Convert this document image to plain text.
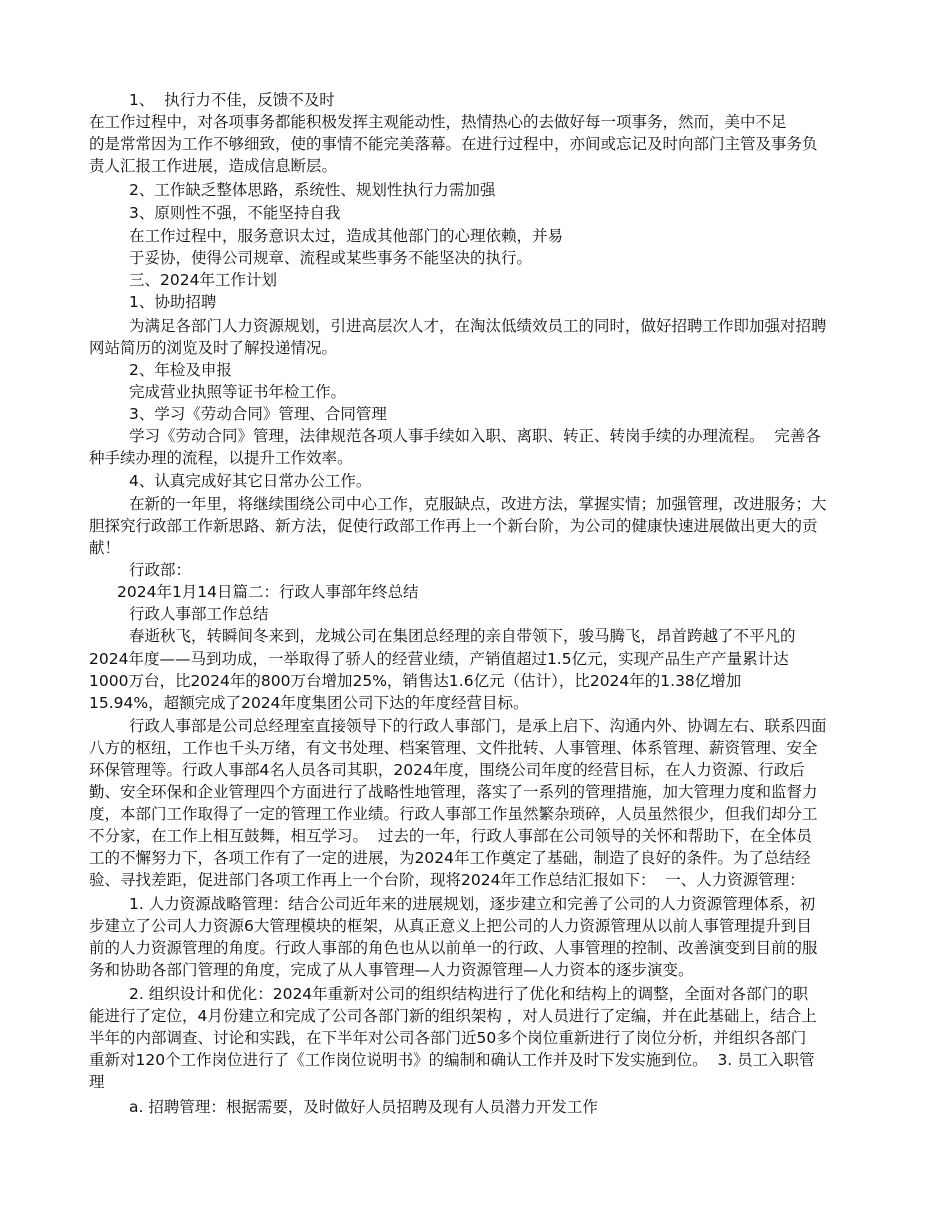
1、  执行力不佳，反馈不及时
在工作过程中，对各项事务都能积极发挥主观能动性，热情热心的去做好每一项事务，然而，美中不足
的是常常因为工作不够细致，使的事情不能完美落幕。在进行过程中，亦间或忘记及时向部门主管及事务负
责人汇报工作进展，造成信息断层。
2、工作缺乏整体思路，系统性、规划性执行力需加强
3、原则性不强，不能坚持自我
在工作过程中，服务意识太过，造成其他部门的心理依赖，并易
于妥协，使得公司规章、流程或某些事务不能坚决的执行。
三、2024年工作计划
1、协助招聘
为满足各部门人力资源规划，引进高层次人才，在淘汰低绩效员工的同时，做好招聘工作即加强对招聘
网站简历的浏览及时了解投递情况。
2、年检及申报
完成营业执照等证书年检工作。
3、学习《劳动合同》管理、合同管理
学习《劳动合同》管理，法律规范各项人事手续如入职、离职、转正、转岗手续的办理流程。  完善各
种手续办理的流程，以提升工作效率。
4、认真完成好其它日常办公工作。
在新的一年里，将继续围绕公司中心工作，克服缺点，改进方法，掌握实情；加强管理，改进服务；大
胆探究行政部工作新思路、新方法，促使行政部工作再上一个新台阶，为公司的健康快速进展做出更大的贡
献！
行政部：
2024年1月14日篇二：行政人事部年终总结
行政人事部工作总结
春逝秋飞，转瞬间冬来到，龙城公司在集团总经理的亲自带领下，骏马腾飞，昂首跨越了不平凡的
2024年度——马到功成，一举取得了骄人的经营业绩，产销值超过1.5亿元，实现产品生产产量累计达
1000万台，比2024年的800万台增加25%，销售达1.6亿元（估计），比2024年的1.38亿增加
15.94%，超额完成了2024年度集团公司下达的年度经营目标。
行政人事部是公司总经理室直接领导下的行政人事部门，是承上启下、沟通内外、协调左右、联系四面
八方的枢纽，工作也千头万绪，有文书处理、档案管理、文件批转、人事管理、体系管理、薪资管理、安全
环保管理等。行政人事部4名人员各司其职，2024年度，围绕公司年度的经营目标，在人力资源、行政后
勤、安全环保和企业管理四个方面进行了战略性地管理，落实了一系列的管理措施，加大管理力度和监督力
度，本部门工作取得了一定的管理工作业绩。行政人事部工作虽然繁杂琐碎，人员虽然很少，但我们却分工
不分家，在工作上相互鼓舞，相互学习。  过去的一年，行政人事部在公司领导的关怀和帮助下，在全体员
工的不懈努力下，各项工作有了一定的进展，为2024年工作奠定了基础，制造了良好的条件。为了总结经
验、寻找差距，促进部门各项工作再上一个台阶，现将2024年工作总结汇报如下：  一、人力资源管理：
1. 人力资源战略管理：结合公司近年来的进展规划，逐步建立和完善了公司的人力资源管理体系，初
步建立了公司人力资源6大管理模块的框架，从真正意义上把公司的人力资源管理从以前人事管理提升到目
前的人力资源管理的角度。行政人事部的角色也从以前单一的行政、人事管理的控制、改善演变到目前的服
务和协助各部门管理的角度，完成了从人事管理—人力资源管理—人力资本的逐步演变。
2. 组织设计和优化：2024年重新对公司的组织结构进行了优化和结构上的调整，全面对各部门的职
能进行了定位，4月份建立和完成了公司各部门新的组织架构 ，对人员进行了定编，并在此基础上，结合上
半年的内部调查、讨论和实践，在下半年对公司各部门近50多个岗位重新进行了岗位分析，并组织各部门
重新对120个工作岗位进行了《工作岗位说明书》的编制和确认工作并及时下发实施到位。  3. 员工入职管
理
a. 招聘管理：根据需要，及时做好人员招聘及现有人员潜力开发工作
